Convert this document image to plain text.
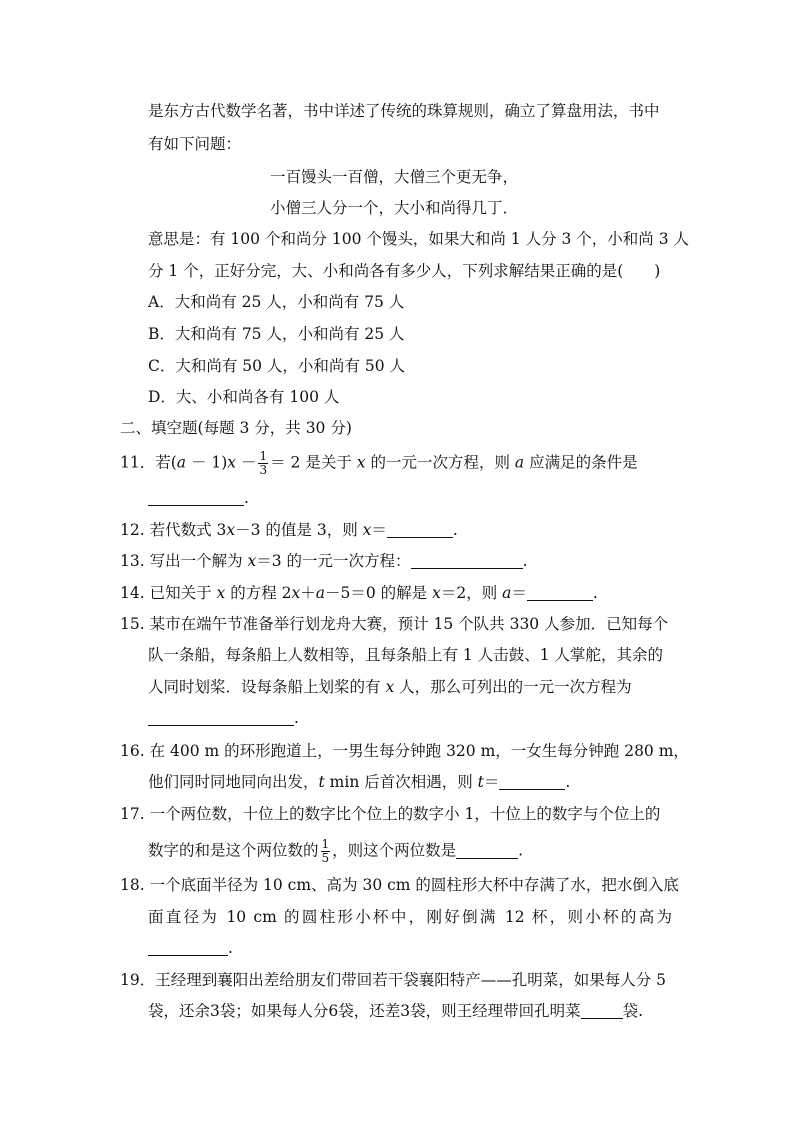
是东方古代数学名著，书中详述了传统的珠算规则，确立了算盘用法，书中
有如下问题：
一百馒头一百僧，大僧三个更无争，
小僧三人分一个，大小和尚得几丁．
意思是：有 100 个和尚分 100 个馒头，如果大和尚 1 人分 3 个，小和尚 3 人
分 1 个，正好分完，大、小和尚各有多少人，下列求解结果正确的是(　　)
A．大和尚有 25 人，小和尚有 75 人
B．大和尚有 75 人，小和尚有 25 人
C．大和尚有 50 人，小和尚有 50 人
D．大、小和尚各有 100 人
二、填空题(每题 3 分，共 30 分)
11．若$(a - 1)x - \frac{1}{3} = 2$ 是关于 x 的一元一次方程，则 a 应满足的条件是
.
12. 若代数式 3x－3 的值是 3，则 x＝	.
13. 写出一个解为 x＝3 的一元一次方程：	.
14. 已知关于 x 的方程 2x＋a－5＝0 的解是 x＝2，则 a＝	.
15. 某市在端午节准备举行划龙舟大赛，预计 15 个队共 330 人参加．已知每个
队一条船，每条船上人数相等，且每条船上有 1 人击鼓、1 人掌舵，其余的
人同时划桨．设每条船上划桨的有 x 人，那么可列出的一元一次方程为
.
16. 在 400 m 的环形跑道上，一男生每分钟跑 320 m，一女生每分钟跑 280 m，
他们同时同地同向出发，t min 后首次相遇，则 t＝	.
17. 一个两位数，十位上的数字比个位上的数字小 1，十位上的数字与个位上的
数字的和是这个两位数的 $\frac{1}{5}$ ，则这个两位数是	.
18. 一个底面半径为 10 cm、高为 30 cm 的圆柱形大杯中存满了水，把水倒入底
面直径为 10 cm 的圆柱形小杯中，刚好倒满 12 杯，则小杯的高为
.
19．王经理到襄阳出差给朋友们带回若干袋襄阳特产——孔明菜，如果每人分 5
袋，还余3袋；如果每人分6袋，还差3袋，则王经理带回孔明菜	袋.
